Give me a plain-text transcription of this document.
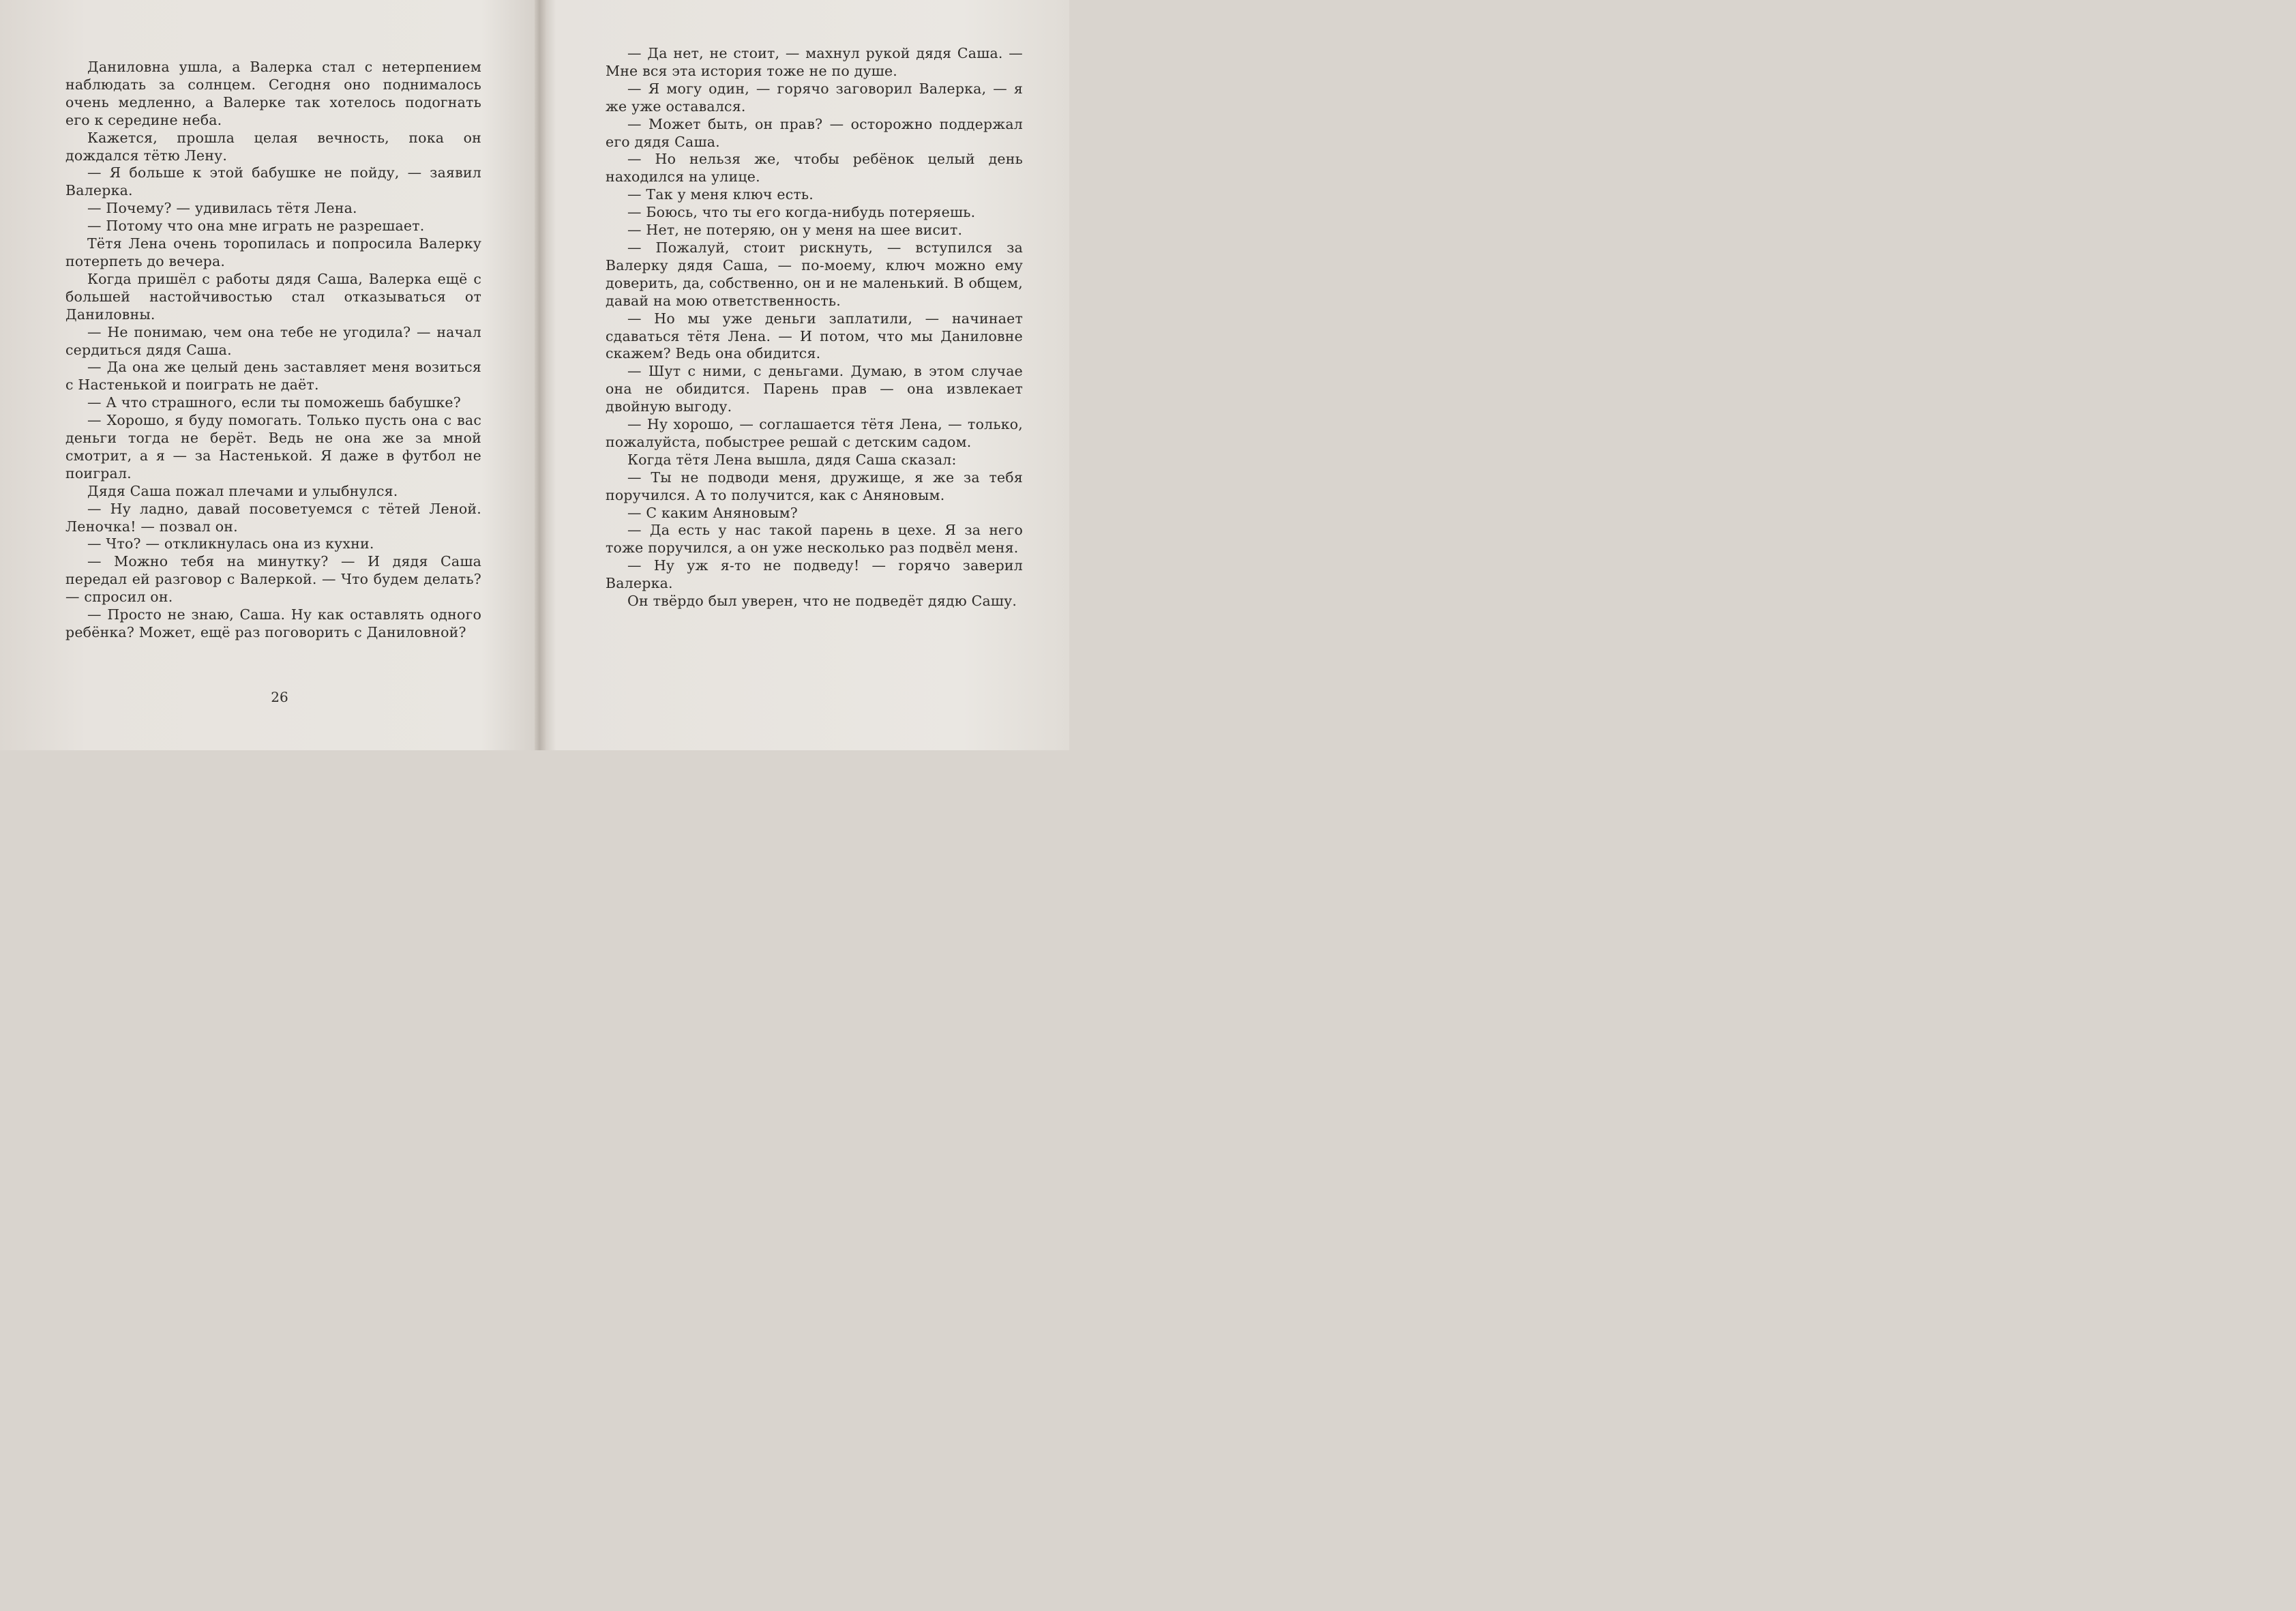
Даниловна ушла, а Валерка стал с нетерпением наблюдать за солнцем. Сегодня оно поднималось очень медленно, а Валерке так хотелось подогнать его к середине неба.

Кажется, прошла целая вечность, пока он дождался тётю Лену.

— Я больше к этой бабушке не пойду, — заявил Валерка.

— Почему? — удивилась тётя Лена.

— Потому что она мне играть не разрешает.

Тётя Лена очень торопилась и попросила Валерку потерпеть до вечера.

Когда пришёл с работы дядя Саша, Валерка ещё с большей настойчивостью стал отказываться от Даниловны.

— Не понимаю, чем она тебе не угодила? — начал сердиться дядя Саша.

— Да она же целый день заставляет меня возиться с Настенькой и поиграть не даёт.

— А что страшного, если ты поможешь бабушке?

— Хорошо, я буду помогать. Только пусть она с вас деньги тогда не берёт. Ведь не она же за мной смотрит, а я — за Настенькой. Я даже в футбол не поиграл.

Дядя Саша пожал плечами и улыбнулся.

— Ну ладно, давай посоветуемся с тётей Леной. Леночка! — позвал он.

— Что? — откликнулась она из кухни.

— Можно тебя на минутку? — И дядя Саша передал ей разговор с Валеркой. — Что будем делать? — спросил он.

— Просто не знаю, Саша. Ну как оставлять одного ребёнка? Может, ещё раз поговорить с Даниловной?

26

— Да нет, не стоит, — махнул рукой дядя Саша. — Мне вся эта история тоже не по душе.

— Я могу один, — горячо заговорил Валерка, — я же уже оставался.

— Может быть, он прав? — осторожно поддержал его дядя Саша.

— Но нельзя же, чтобы ребёнок целый день находился на улице.

— Так у меня ключ есть.

— Боюсь, что ты его когда-нибудь потеряешь.

— Нет, не потеряю, он у меня на шее висит.

— Пожалуй, стоит рискнуть, — вступился за Валерку дядя Саша, — по-моему, ключ можно ему доверить, да, собственно, он и не маленький. В общем, давай на мою ответственность.

— Но мы уже деньги заплатили, — начинает сдаваться тётя Лена. — И потом, что мы Даниловне скажем? Ведь она обидится.

— Шут с ними, с деньгами. Думаю, в этом случае она не обидится. Парень прав — она извлекает двойную выгоду.

— Ну хорошо, — соглашается тётя Лена, — только, пожалуйста, побыстрее решай с детским садом.

Когда тётя Лена вышла, дядя Саша сказал:

— Ты не подводи меня, дружище, я же за тебя поручился. А то получится, как с Аняновым.

— С каким Аняновым?

— Да есть у нас такой парень в цехе. Я за него тоже поручился, а он уже несколько раз подвёл меня.

— Ну уж я-то не подведу! — горячо заверил Валерка.

Он твёрдо был уверен, что не подведёт дядю Сашу.
